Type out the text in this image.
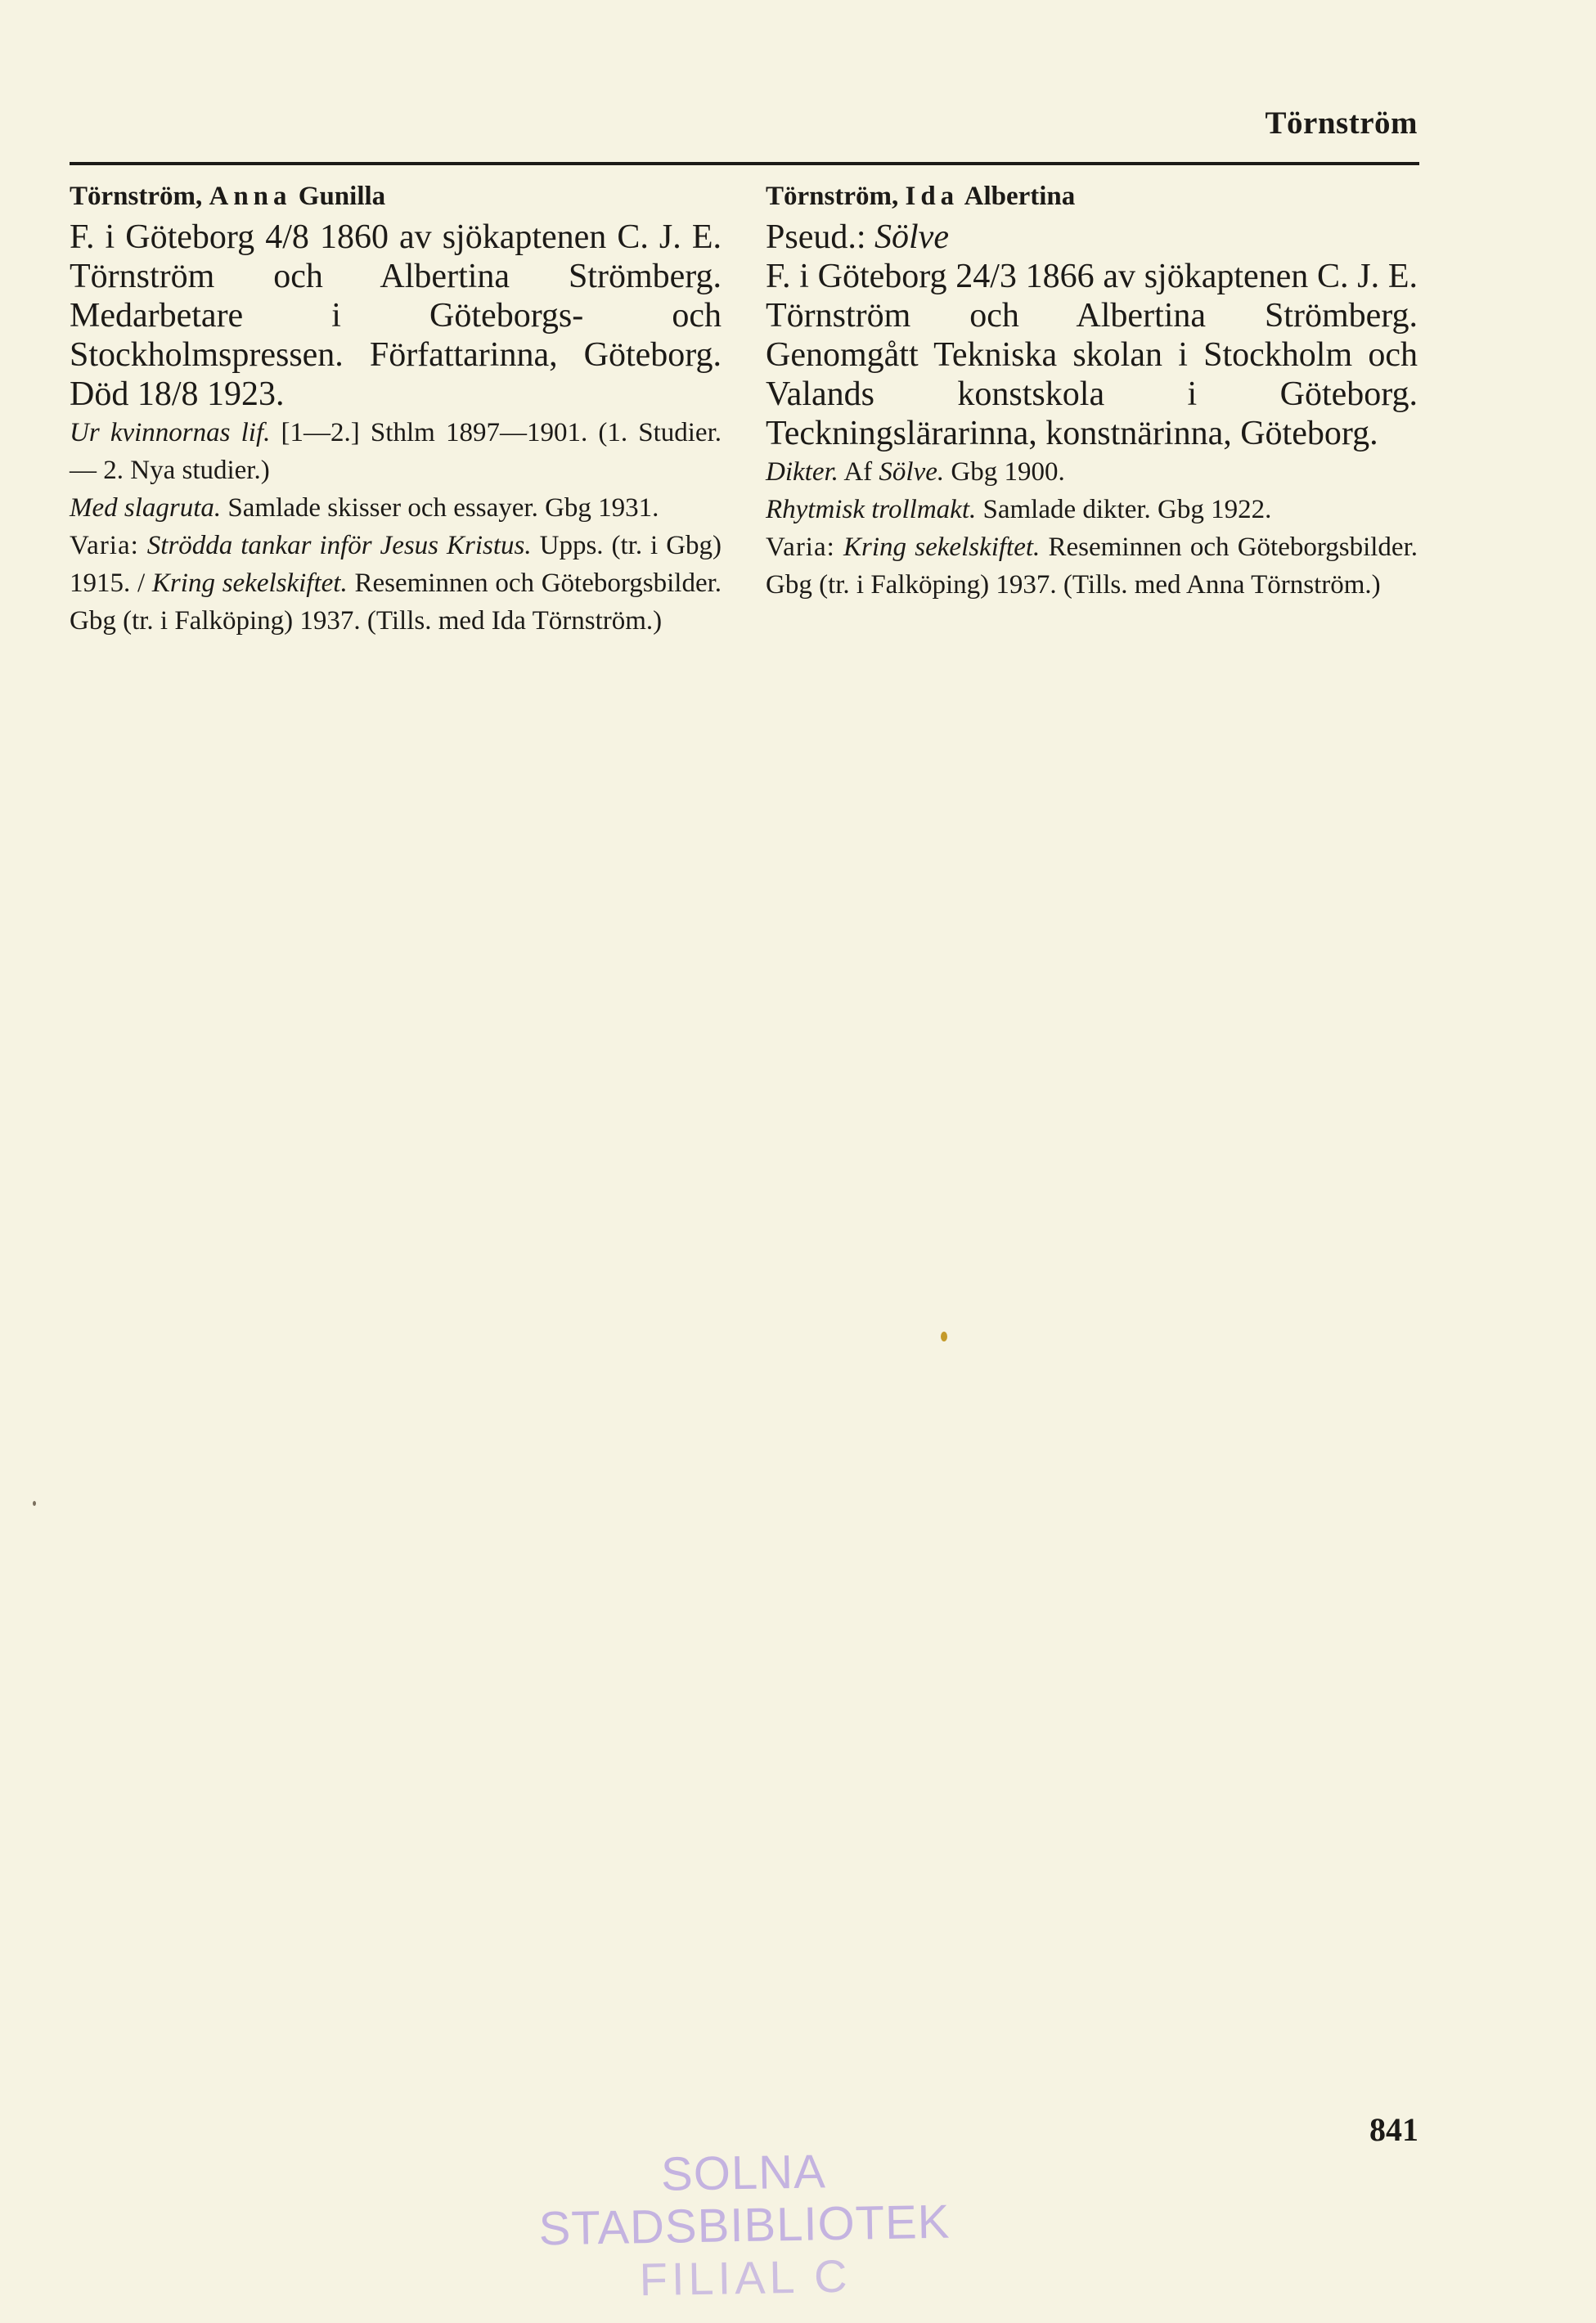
Törnström

Törnström, Anna Gunilla

F. i Göteborg 4/8 1860 av sjökaptenen C. J. E. Törnström och Albertina Strömberg. Medarbetare i Göteborgs- och Stockholmspressen. Författarinna, Göteborg. Död 18/8 1923.

Ur kvinnornas lif. [1—2.] Sthlm 1897—1901. (1. Studier. — 2. Nya studier.)

Med slagruta. Samlade skisser och essayer. Gbg 1931.

Varia: Strödda tankar inför Jesus Kristus. Upps. (tr. i Gbg) 1915. / Kring sekelskiftet. Reseminnen och Göteborgsbilder. Gbg (tr. i Falköping) 1937. (Tills. med Ida Törnström.)

Törnström, Ida Albertina

Pseud.: Sölve

F. i Göteborg 24/3 1866 av sjökaptenen C. J. E. Törnström och Albertina Strömberg. Genomgått Tekniska skolan i Stockholm och Valands konstskola i Göteborg. Teckningslärarinna, konstnärinna, Göteborg.

Dikter. Af Sölve. Gbg 1900.

Rhytmisk trollmakt. Samlade dikter. Gbg 1922.

Varia: Kring sekelskiftet. Reseminnen och Göteborgsbilder. Gbg (tr. i Falköping) 1937. (Tills. med Anna Törnström.)

841
SOLNA STADSBIBLIOTEK
FILIAL C
